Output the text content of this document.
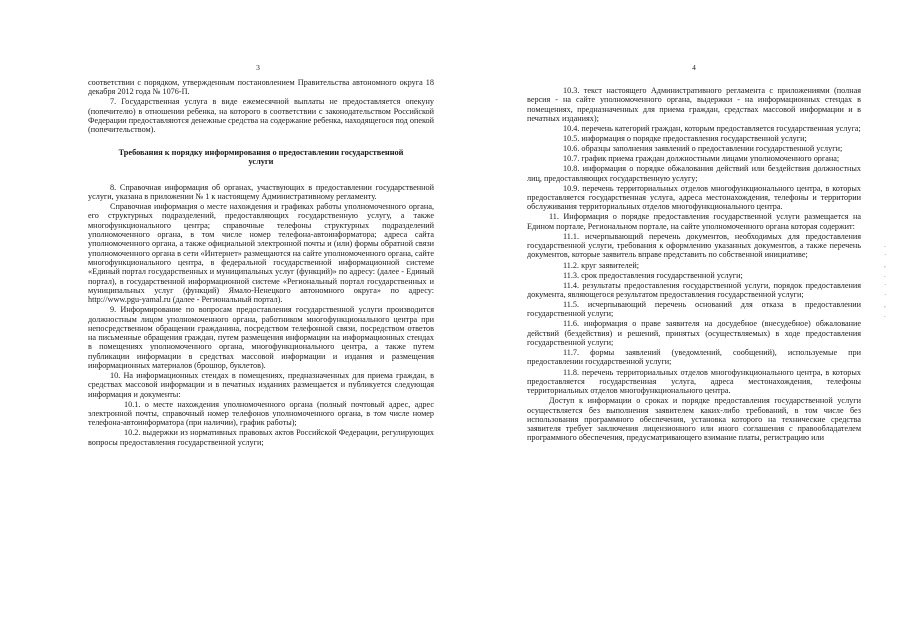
3

соответствии с порядком, утвержденным постановлением Правительства автономного округа 18 декабря 2012 года № 1076-П.

7. Государственная услуга в виде ежемесячной выплаты не предоставляется опекуну (попечителю) в отношении ребенка, на которого в соответствии с законодательством Российской Федерации предоставляются денежные средства на содержание ребенка, находящегося под опекой (попечительством).

Требования к порядку информирования о предоставлении государственной услуги

8. Справочная информация об органах, участвующих в предоставлении государственной услуги, указана в приложении № 1 к настоящему Административному регламенту.

Справочная информация о месте нахождения и графиках работы уполномоченного органа, его структурных подразделений, предоставляющих государственную услугу, а также многофункционального центра; справочные телефоны структурных подразделений уполномоченного органа, в том числе номер телефона-автоинформатора; адреса сайта уполномоченного органа, а также официальной электронной почты и (или) формы обратной связи уполномоченного органа в сети «Интернет» размещаются на сайте уполномоченного органа, сайте многофункционального центра, в федеральной государственной информационной системе «Единый портал государственных и муниципальных услуг (функций)» по адресу: (далее - Единый портал), в государственной информационной системе «Региональный портал государственных и муниципальных услуг (функций) Ямало-Ненецкого автономного округа» по адресу: http://www.pgu-yamal.ru (далее - Региональный портал).

9. Информирование по вопросам предоставления государственной услуги производится должностным лицом уполномоченного органа, работником многофункционального центра при непосредственном обращении гражданина, посредством телефонной связи, посредством ответов на письменные обращения граждан, путем размещения информации на информационных стендах в помещениях уполномоченного органа, многофункционального центра, а также путем публикации информации в средствах массовой информации и издания и размещения информационных материалов (брошюр, буклетов).

10. На информационных стендах в помещениях, предназначенных для приема граждан, в средствах массовой информации и в печатных изданиях размещается и публикуется следующая информация и документы:

10.1. о месте нахождения уполномоченного органа (полный почтовый адрес, адрес электронной почты, справочный номер телефонов уполномоченного органа, в том числе номер телефона-автоинформатора (при наличии), график работы);

10.2. выдержки из нормативных правовых актов Российской Федерации, регулирующих вопросы предоставления государственной услуги;

4

10.3. текст настоящего Административного регламента с приложениями (полная версия - на сайте уполномоченного органа, выдержки - на информационных стендах в помещениях, предназначенных для приема граждан, средствах массовой информации и в печатных изданиях);

10.4. перечень категорий граждан, которым предоставляется государственная услуга;

10.5. информация о порядке предоставления государственной услуги;

10.6. образцы заполнения заявлений о предоставлении государственной услуги;

10.7. график приема граждан должностными лицами уполномоченного органа;

10.8. информация о порядке обжалования действий или бездействия должностных лиц, предоставляющих государственную услугу;

10.9. перечень территориальных отделов многофункционального центра, в которых предоставляется государственная услуга, адреса местонахождения, телефоны и территории обслуживания территориальных отделов многофункционального центра.

11. Информация о порядке предоставления государственной услуги размещается на Едином портале, Региональном портале, на сайте уполномоченного органа которая содержит:

11.1. исчерпывающий перечень документов, необходимых для предоставления государственной услуги, требования к оформлению указанных документов, а также перечень документов, которые заявитель вправе представить по собственной инициативе;

11.2. круг заявителей;

11.3. срок предоставления государственной услуги;

11.4. результаты предоставления государственной услуги, порядок предоставления документа, являющегося результатом предоставления государственной услуги;

11.5. исчерпывающий перечень оснований для отказа в предоставлении государственной услуги;

11.6. информация о праве заявителя на досудебное (внесудебное) обжалование действий (бездействия) и решений, принятых (осуществляемых) в ходе предоставления государственной услуги;

11.7. формы заявлений (уведомлений, сообщений), используемые при предоставлении государственной услуги;

11.8. перечень территориальных отделов многофункционального центра, в которых предоставляется государственная услуга, адреса местонахождения, телефоны территориальных отделов многофункционального центра.

Доступ к информации о сроках и порядке предоставления государственной услуги осуществляется без выполнения заявителем каких-либо требований, в том числе без использования программного обеспечения, установка которого на технические средства заявителя требует заключения лицензионного или иного соглашения с правообладателем программного обеспечения, предусматривающего взимание платы, регистрацию или

.
·
,
.
·
·
,
.
